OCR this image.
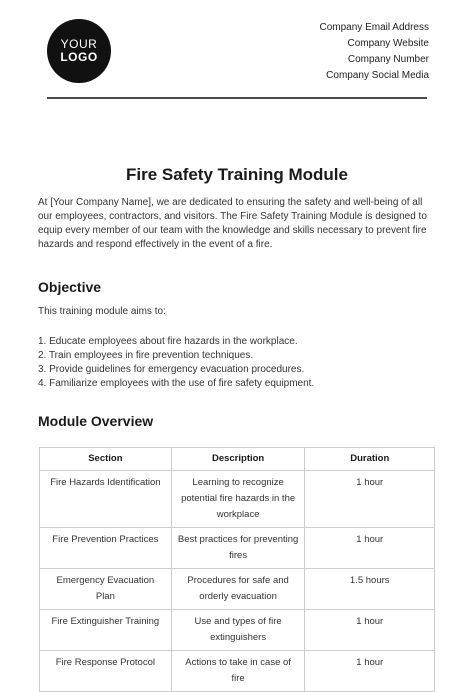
YOUR
LOGO
Company Email Address
Company Website
Company Number
Company Social Media
Fire Safety Training Module
At [Your Company Name], we are dedicated to ensuring the safety and well-being of all our employees, contractors, and visitors. The Fire Safety Training Module is designed to equip every member of our team with the knowledge and skills necessary to prevent fire hazards and respond effectively in the event of a fire.
Objective
This training module aims to:
1. Educate employees about fire hazards in the workplace.
2. Train employees in fire prevention techniques.
3. Provide guidelines for emergency evacuation procedures.
4. Familiarize employees with the use of fire safety equipment.
Module Overview
Section	Description	Duration
Fire Hazards Identification	Learning to recognize potential fire hazards in the workplace	1 hour
Fire Prevention Practices	Best practices for preventing fires	1 hour
Emergency Evacuation Plan	Procedures for safe and orderly evacuation	1.5 hours
Fire Extinguisher Training	Use and types of fire extinguishers	1 hour
Fire Response Protocol	Actions to take in case of fire	1 hour
